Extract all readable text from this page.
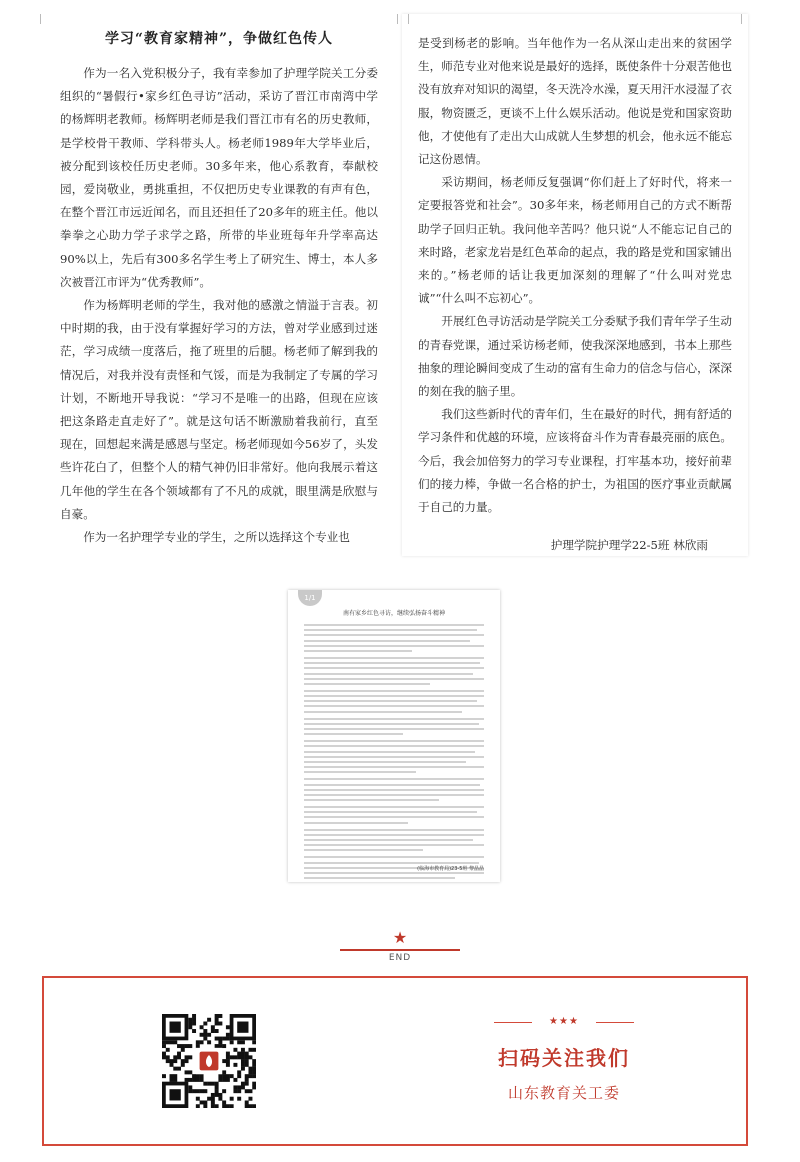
学习“教育家精神”，争做红色传人

作为一名入党积极分子，我有幸参加了护理学院关工分委组织的“暑假行•家乡红色寻访”活动，采访了晋江市南湾中学的杨辉明老教师。杨辉明老师是我们晋江市有名的历史教师，是学校骨干教师、学科带头人。杨老师1989年大学毕业后，被分配到该校任历史老师。30多年来，他心系教育，奉献校园，爱岗敬业，勇挑重担，不仅把历史专业课教的有声有色，在整个晋江市远近闻名，而且还担任了20多年的班主任。他以拳拳之心助力学子求学之路，所带的毕业班每年升学率高达90%以上，先后有300多名学生考上了研究生、博士，本人多次被晋江市评为“优秀教师”。

作为杨辉明老师的学生，我对他的感激之情溢于言表。初中时期的我，由于没有掌握好学习的方法，曾对学业感到过迷茫，学习成绩一度落后，拖了班里的后腿。杨老师了解到我的情况后，对我并没有责怪和气馁，而是为我制定了专属的学习计划，不断地开导我说：“学习不是唯一的出路，但现在应该把这条路走直走好了”。就是这句话不断激励着我前行，直至现在，回想起来满是感恩与坚定。杨老师现如今56岁了，头发些许花白了，但整个人的精气神仍旧非常好。他向我展示着这几年他的学生在各个领域都有了不凡的成就，眼里满是欣慰与自豪。

作为一名护理学专业的学生，之所以选择这个专业也

是受到杨老的影响。当年他作为一名从深山走出来的贫困学生，师范专业对他来说是最好的选择，既使条件十分艰苦他也没有放弃对知识的渴望，冬天洗冷水澡，夏天用汗水浸湿了衣服，物资匮乏，更谈不上什么娱乐活动。他说是党和国家资助他，才使他有了走出大山成就人生梦想的机会，他永远不能忘记这份恩情。

采访期间，杨老师反复强调“你们赶上了好时代，将来一定要报答党和社会”。30多年来，杨老师用自己的方式不断帮助学子回归正轨。我问他辛苦吗？他只说“人不能忘记自己的来时路，老家龙岩是红色革命的起点，我的路是党和国家铺出来的。”杨老师的话让我更加深刻的理解了“什么叫对党忠诚”“什么叫不忘初心”。

开展红色寻访活动是学院关工分委赋予我们青年学子生动的青春党课，通过采访杨老师，使我深深地感到，书本上那些抽象的理论瞬间变成了生动的富有生命力的信念与信心，深深的刻在我的脑子里。

我们这些新时代的青年们，生在最好的时代，拥有舒适的学习条件和优越的环境，应该将奋斗作为青春最亮丽的底色。今后，我会加倍努力的学习专业课程，打牢基本功，接好前辈们的接力棒，争做一名合格的护士，为祖国的医疗事业贡献属于自己的力量。

护理学院护理学22-5班 林欣雨
1/1
南有家乡红色寻访，继续弘扬奋斗精神
(临海市教育局)23-5班 黎晶晶
★
END
★★★
扫码关注我们
山东教育关工委
